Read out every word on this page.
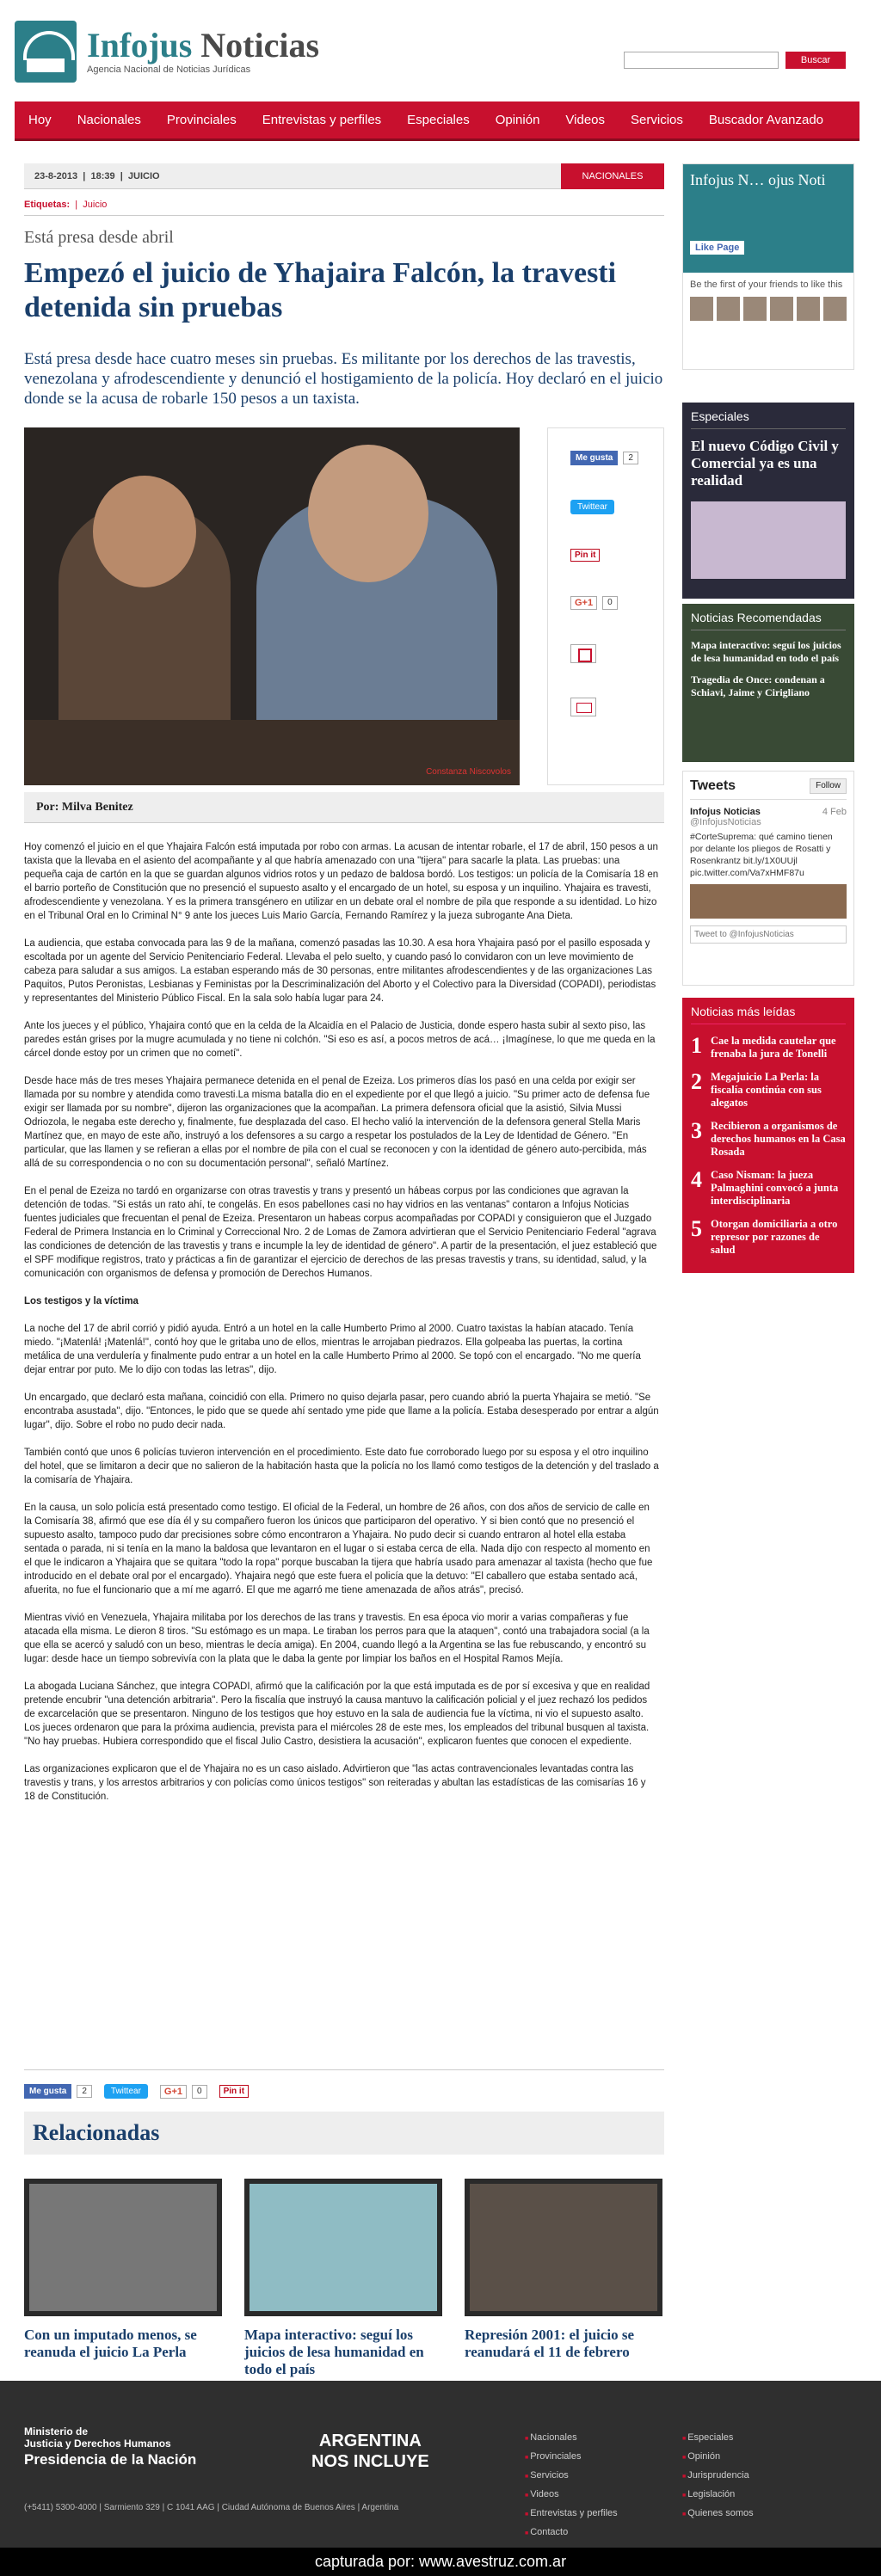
Infojus Noticias
Agencia Nacional de Noticias Jurídicas
Buscar
Hoy Nacionales Provinciales Entrevistas y perfiles Especiales Opinión Videos Servicios Buscador Avanzado
23-8-2013  |  18:39  |  JUICIO	NACIONALES
Etiquetas:  |  Juicio
Está presa desde abril
Empezó el juicio de Yhajaira Falcón, la travesti detenida sin pruebas

Está presa desde hace cuatro meses sin pruebas. Es militante por los derechos de las travestis, venezolana y afrodescendiente y denunció el hostigamiento de la policía. Hoy declaró en el juicio donde se la acusa de robarle 150 pesos a un taxista.

Constanza Niscovolos
Me gusta	2
Twittear
Pin it
G+1	0
Por: Milva Benitez

Hoy comenzó el juicio en el que Yhajaira Falcón está imputada por robo con armas. La acusan de intentar robarle, el 17 de abril, 150 pesos a un taxista que la llevaba en el asiento del acompañante y al que habría amenazado con una "tijera" para sacarle la plata. Las pruebas: una pequeña caja de cartón en la que se guardan algunos vidrios rotos y un pedazo de baldosa bordó. Los testigos: un policía de la Comisaría 18 en el barrio porteño de Constitución que no presenció el supuesto asalto y el encargado de un hotel, su esposa y un inquilino. Yhajaira es travesti, afrodescendiente y venezolana. Y es la primera transgénero en utilizar en un debate oral el nombre de pila que responde a su identidad. Lo hizo en el Tribunal Oral en lo Criminal N° 9 ante los jueces Luis Mario García, Fernando Ramírez y la jueza subrogante Ana Dieta.

La audiencia, que estaba convocada para las 9 de la mañana, comenzó pasadas las 10.30. A esa hora Yhajaira pasó por el pasillo esposada y escoltada por un agente del Servicio Penitenciario Federal. Llevaba el pelo suelto, y cuando pasó lo convidaron con un leve movimiento de cabeza para saludar a sus amigos. La estaban esperando más de 30 personas, entre militantes afrodescendientes y de las organizaciones Las Paquitos, Putos Peronistas, Lesbianas y Feministas por la Descriminalización del Aborto y el Colectivo para la Diversidad (COPADI), periodistas y representantes del Ministerio Público Fiscal. En la sala solo había lugar para 24.

Ante los jueces y el público, Yhajaira contó que en la celda de la Alcaidía en el Palacio de Justicia, donde espero hasta subir al sexto piso, las paredes están grises por la mugre acumulada y no tiene ni colchón. "Si eso es así, a pocos metros de acá… ¡Imagínese, lo que me queda en la cárcel donde estoy por un crimen que no cometí".

Desde hace más de tres meses Yhajaira permanece detenida en el penal de Ezeiza. Los primeros días los pasó en una celda por exigir ser llamada por su nombre y atendida como travesti.La misma batalla dio en el expediente por el que llegó a juicio. "Su primer acto de defensa fue exigir ser llamada por su nombre", dijeron las organizaciones que la acompañan. La primera defensora oficial que la asistió, Silvia Mussi Odriozola, le negaba este derecho y, finalmente, fue desplazada del caso. El hecho valió la intervención de la defensora general Stella Maris Martínez que, en mayo de este año, instruyó a los defensores a su cargo a respetar los postulados de la Ley de Identidad de Género. "En particular, que las llamen y se refieran a ellas por el nombre de pila con el cual se reconocen y con la identidad de género auto-percibida, más allá de su correspondencia o no con su documentación personal", señaló Martínez.

En el penal de Ezeiza no tardó en organizarse con otras travestis y trans y presentó un hábeas corpus por las condiciones que agravan la detención de todas. "Si estás un rato ahí, te congelás. En esos pabellones casi no hay vidrios en las ventanas" contaron a Infojus Noticias fuentes judiciales que frecuentan el penal de Ezeiza. Presentaron un habeas corpus acompañadas por COPADI y consiguieron que el Juzgado Federal de Primera Instancia en lo Criminal y Correccional Nro. 2 de Lomas de Zamora advirtieran que el Servicio Penitenciario Federal "agrava las condiciones de detención de las travestis y trans e incumple la ley de identidad de género". A partir de la presentación, el juez estableció que el SPF modifique registros, trato y prácticas a fin de garantizar el ejercicio de derechos de las presas travestis y trans, su identidad, salud, y la comunicación con organismos de defensa y promoción de Derechos Humanos.

Los testigos y la víctima

La noche del 17 de abril corrió y pidió ayuda. Entró a un hotel en la calle Humberto Primo al 2000. Cuatro taxistas la habían atacado. Tenía miedo. "¡Matenlá! ¡Matenlá!", contó hoy que le gritaba uno de ellos, mientras le arrojaban piedrazos. Ella golpeaba las puertas, la cortina metálica de una verdulería y finalmente pudo entrar a un hotel en la calle Humberto Primo al 2000. Se topó con el encargado. "No me quería dejar entrar por puto. Me lo dijo con todas las letras", dijo.

Un encargado, que declaró esta mañana, coincidió con ella. Primero no quiso dejarla pasar, pero cuando abrió la puerta Yhajaira se metió. "Se encontraba asustada", dijo. "Entonces, le pido que se quede ahí sentado yme pide que llame a la policía. Estaba desesperado por entrar a algún lugar", dijo. Sobre el robo no pudo decir nada.

También contó que unos 6 policías tuvieron intervención en el procedimiento. Este dato fue corroborado luego por su esposa y el otro inquilino del hotel, que se limitaron a decir que no salieron de la habitación hasta que la policía no los llamó como testigos de la detención y del traslado a la comisaría de Yhajaira.

En la causa, un solo policía está presentado como testigo. El oficial de la Federal, un hombre de 26 años, con dos años de servicio de calle en la Comisaría 38, afirmó que ese día él y su compañero fueron los únicos que participaron del operativo. Y si bien contó que no presenció el supuesto asalto, tampoco pudo dar precisiones sobre cómo encontraron a Yhajaira. No pudo decir si cuando entraron al hotel ella estaba sentada o parada, ni si tenía en la mano la baldosa que levantaron en el lugar o si estaba cerca de ella. Nada dijo con respecto al momento en el que le indicaron a Yhajaira que se quitara "todo la ropa" porque buscaban la tijera que habría usado para amenazar al taxista (hecho que fue introducido en el debate oral por el encargado). Yhajaira negó que este fuera el policía que la detuvo: "El caballero que estaba sentado acá, afuerita, no fue el funcionario que a mí me agarró. El que me agarró me tiene amenazada de años atrás", precisó.

Mientras vivió en Venezuela, Yhajaira militaba por los derechos de las trans y travestis. En esa época vio morir a varias compañeras y fue atacada ella misma. Le dieron 8 tiros. "Su estómago es un mapa. Le tiraban los perros para que la ataquen", contó una trabajadora social (a la que ella se acercó y saludó con un beso, mientras le decía amiga). En 2004, cuando llegó a la Argentina se las fue rebuscando, y encontró su lugar: desde hace un tiempo sobrevivía con la plata que le daba la gente por limpiar los baños en el Hospital Ramos Mejía.

La abogada Luciana Sánchez, que integra COPADI, afirmó que la calificación por la que está imputada es de por sí excesiva y que en realidad pretende encubrir "una detención arbitraria". Pero la fiscalía que instruyó la causa mantuvo la calificación policial y el juez rechazó los pedidos de excarcelación que se presentaron. Ninguno de los testigos que hoy estuvo en la sala de audiencia fue la víctima, ni vio el supuesto asalto. Los jueces ordenaron que para la próxima audiencia, prevista para el miércoles 28 de este mes, los empleados del tribunal busquen al taxista. "No hay pruebas. Hubiera correspondido que el fiscal Julio Castro, desistiera la acusación", explicaron fuentes que conocen el expediente.

Las organizaciones explicaron que el de Yhajaira no es un caso aislado. Advirtieron que "las actas contravencionales levantadas contra las travestis y trans, y los arrestos arbitrarios y con policías como únicos testigos" son reiteradas y abultan las estadísticas de las comisarías 16 y 18 de Constitución.

Me gusta	2	Twittear	G+1	0	Pin it
Relacionadas
Con un imputado menos, se reanuda el juicio La Perla
Mapa interactivo: seguí los juicios de lesa humanidad en todo el país
Represión 2001: el juicio se reanudará el 11 de febrero
Infojus N… ojus Noti
Like Page
Be the first of your friends to like this
Especiales
El nuevo Código Civil y Comercial ya es una realidad
Noticias Recomendadas

Mapa interactivo: seguí los juicios de lesa humanidad en todo el país

Tragedia de Once: condenan a Schiavi, Jaime y Cirigliano

Tweets	Follow
Infojus Noticias	4 Feb

@InfojusNoticias
#CorteSuprema: qué camino tienen por delante los pliegos de Rosatti y Rosenkrantz bit.ly/1X0UUjl pic.twitter.com/Va7xHMF87u
Tweet to @InfojusNoticias
Noticias más leídas
1 Cae la medida cautelar que frenaba la jura de Tonelli
2 Megajuicio La Perla: la fiscalía continúa con sus alegatos
3 Recibieron a organismos de derechos humanos en la Casa Rosada
4 Caso Nisman: la jueza Palmaghini convocó a junta interdisciplinaria
5 Otorgan domiciliaria a otro represor por razones de salud
Ministerio de
Justicia y Derechos Humanos
Presidencia de la Nación
(+5411) 5300-4000 | Sarmiento 329 | C 1041 AAG | Ciudad Autónoma de Buenos Aires | Argentina
ARGENTINA
NOS INCLUYE
■ Nacionales
■ Provinciales
■ Servicios
■ Videos
■ Entrevistas y perfiles
■ Contacto
■ Especiales
■ Opinión
■ Jurisprudencia
■ Legislación
■ Quienes somos
capturada por: www.avestruz.com.ar
